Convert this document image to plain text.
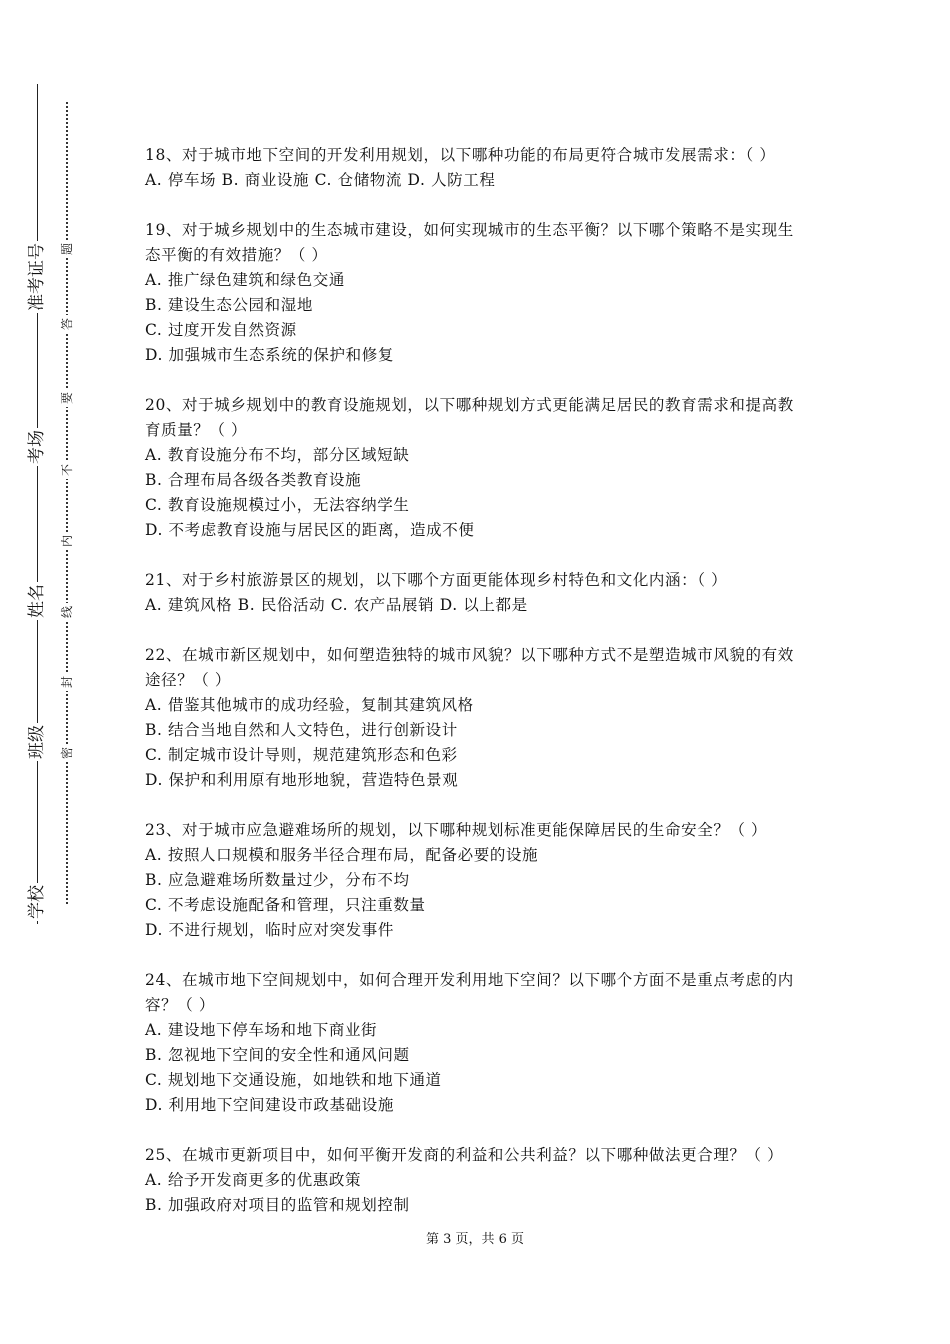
准考证号
考场
姓名
班级
学校
题
答
要
不
内
线
封
密

18、对于城市地下空间的开发利用规划，以下哪种功能的布局更符合城市发展需求：（ ）

A. 停车场 B. 商业设施 C. 仓储物流 D. 人防工程

19、对于城乡规划中的生态城市建设，如何实现城市的生态平衡？以下哪个策略不是实现生态平衡的有效措施？（ ）

A. 推广绿色建筑和绿色交通

B. 建设生态公园和湿地

C. 过度开发自然资源

D. 加强城市生态系统的保护和修复

20、对于城乡规划中的教育设施规划，以下哪种规划方式更能满足居民的教育需求和提高教育质量？（ ）

A. 教育设施分布不均，部分区域短缺

B. 合理布局各级各类教育设施

C. 教育设施规模过小，无法容纳学生

D. 不考虑教育设施与居民区的距离，造成不便

21、对于乡村旅游景区的规划，以下哪个方面更能体现乡村特色和文化内涵：（ ）

A. 建筑风格 B. 民俗活动 C. 农产品展销 D. 以上都是

22、在城市新区规划中，如何塑造独特的城市风貌？以下哪种方式不是塑造城市风貌的有效途径？（ ）

A. 借鉴其他城市的成功经验，复制其建筑风格

B. 结合当地自然和人文特色，进行创新设计

C. 制定城市设计导则，规范建筑形态和色彩

D. 保护和利用原有地形地貌，营造特色景观

23、对于城市应急避难场所的规划，以下哪种规划标准更能保障居民的生命安全？（ ）

A. 按照人口规模和服务半径合理布局，配备必要的设施

B. 应急避难场所数量过少，分布不均

C. 不考虑设施配备和管理，只注重数量

D. 不进行规划，临时应对突发事件

24、在城市地下空间规划中，如何合理开发利用地下空间？以下哪个方面不是重点考虑的内容？（ ）

A. 建设地下停车场和地下商业街

B. 忽视地下空间的安全性和通风问题

C. 规划地下交通设施，如地铁和地下通道

D. 利用地下空间建设市政基础设施

25、在城市更新项目中，如何平衡开发商的利益和公共利益？以下哪种做法更合理？（ ）

A. 给予开发商更多的优惠政策

B. 加强政府对项目的监管和规划控制

第 3 页，共 6 页
